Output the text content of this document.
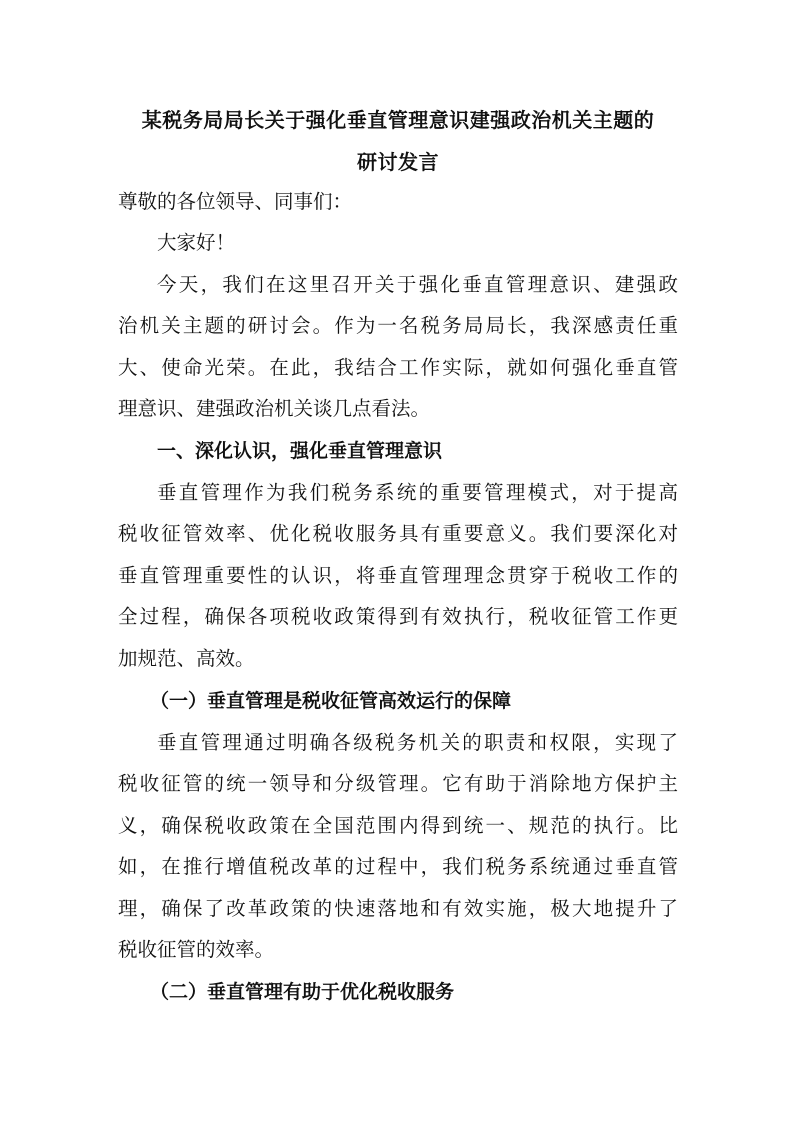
某税务局局长关于强化垂直管理意识建强政治机关主题的
研讨发言

尊敬的各位领导、同事们：

大家好！

今天，我们在这里召开关于强化垂直管理意识、建强政

治机关主题的研讨会。作为一名税务局局长，我深感责任重

大、使命光荣。在此，我结合工作实际，就如何强化垂直管

理意识、建强政治机关谈几点看法。

一、深化认识，强化垂直管理意识

垂直管理作为我们税务系统的重要管理模式，对于提高

税收征管效率、优化税收服务具有重要意义。我们要深化对

垂直管理重要性的认识，将垂直管理理念贯穿于税收工作的

全过程，确保各项税收政策得到有效执行，税收征管工作更

加规范、高效。

（一）垂直管理是税收征管高效运行的保障

垂直管理通过明确各级税务机关的职责和权限，实现了

税收征管的统一领导和分级管理。它有助于消除地方保护主

义，确保税收政策在全国范围内得到统一、规范的执行。比

如，在推行增值税改革的过程中，我们税务系统通过垂直管

理，确保了改革政策的快速落地和有效实施，极大地提升了

税收征管的效率。

（二）垂直管理有助于优化税收服务
